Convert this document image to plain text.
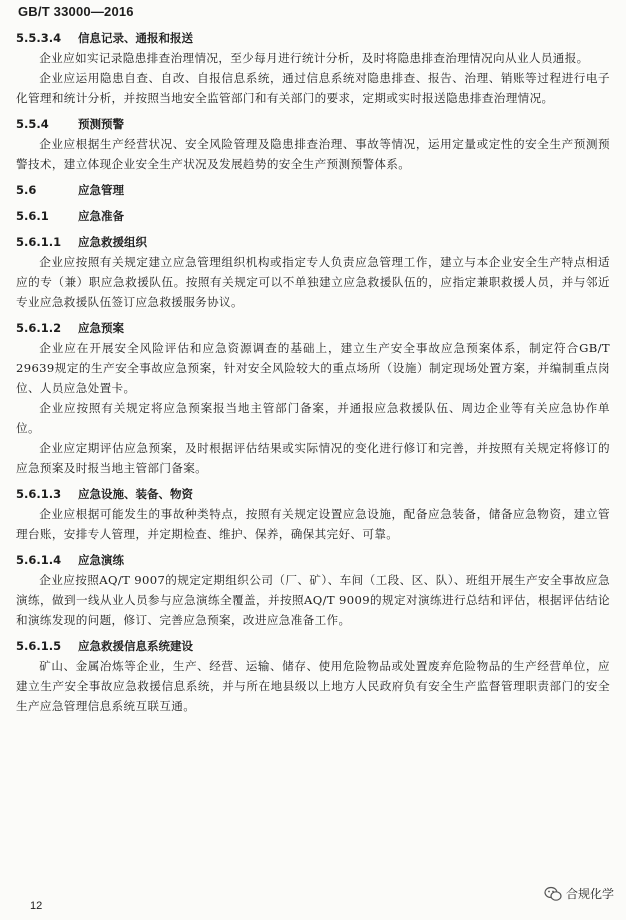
GB/T 33000—2016
5.5.3.4 信息记录、通报和报送

企业应如实记录隐患排查治理情况，至少每月进行统计分析，及时将隐患排查治理情况向从业人员通报。

企业应运用隐患自查、自改、自报信息系统，通过信息系统对隐患排查、报告、治理、销账等过程进行电子化管理和统计分析，并按照当地安全监管部门和有关部门的要求，定期或实时报送隐患排查治理情况。

5.5.4	预测预警

企业应根据生产经营状况、安全风险管理及隐患排查治理、事故等情况，运用定量或定性的安全生产预测预警技术，建立体现企业安全生产状况及发展趋势的安全生产预测预警体系。

5.6	应急管理
5.6.1	应急准备
5.6.1.1 应急救援组织

企业应按照有关规定建立应急管理组织机构或指定专人负责应急管理工作，建立与本企业安全生产特点相适应的专（兼）职应急救援队伍。按照有关规定可以不单独建立应急救援队伍的，应指定兼职救援人员，并与邻近专业应急救援队伍签订应急救援服务协议。

5.6.1.2 应急预案

企业应在开展安全风险评估和应急资源调查的基础上，建立生产安全事故应急预案体系，制定符合GB/T 29639规定的生产安全事故应急预案，针对安全风险较大的重点场所（设施）制定现场处置方案，并编制重点岗位、人员应急处置卡。

企业应按照有关规定将应急预案报当地主管部门备案，并通报应急救援队伍、周边企业等有关应急协作单位。

企业应定期评估应急预案，及时根据评估结果或实际情况的变化进行修订和完善，并按照有关规定将修订的应急预案及时报当地主管部门备案。

5.6.1.3 应急设施、装备、物资

企业应根据可能发生的事故种类特点，按照有关规定设置应急设施，配备应急装备，储备应急物资，建立管理台账，安排专人管理，并定期检查、维护、保养，确保其完好、可靠。

5.6.1.4 应急演练

企业应按照AQ/T 9007的规定定期组织公司（厂、矿）、车间（工段、区、队）、班组开展生产安全事故应急演练，做到一线从业人员参与应急演练全覆盖，并按照AQ/T 9009的规定对演练进行总结和评估，根据评估结论和演练发现的问题，修订、完善应急预案，改进应急准备工作。

5.6.1.5 应急救援信息系统建设

矿山、金属冶炼等企业，生产、经营、运输、储存、使用危险物品或处置废弃危险物品的生产经营单位，应建立生产安全事故应急救援信息系统，并与所在地县级以上地方人民政府负有安全生产监督管理职责部门的安全生产应急管理信息系统互联互通。

12
合规化学
